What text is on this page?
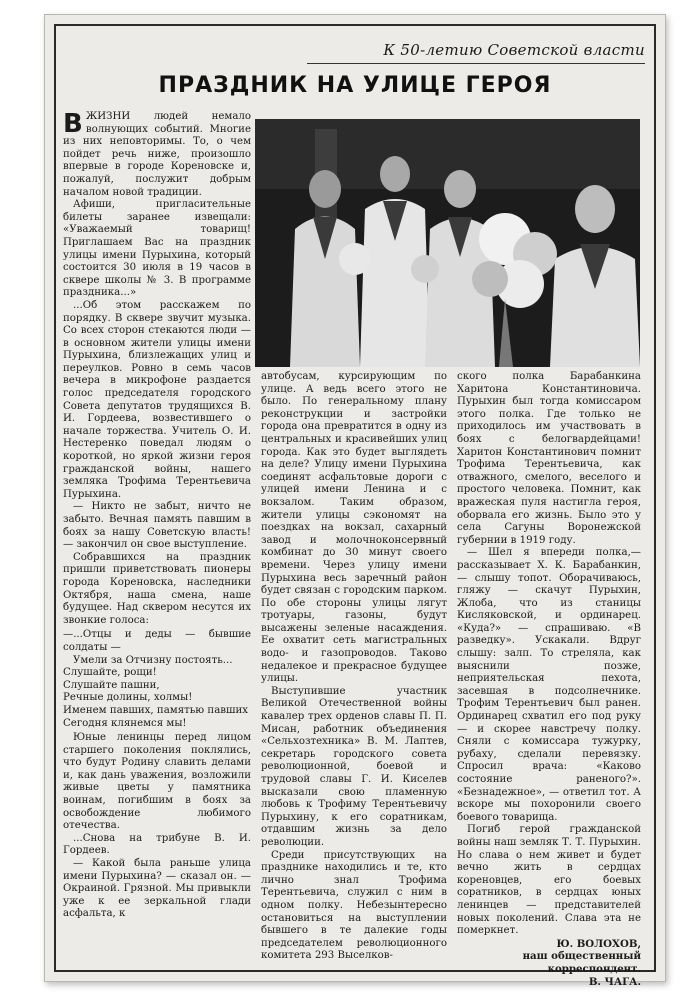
К 50-летию Советской власти
ПРАЗДНИК НА УЛИЦЕ ГЕРОЯ

ВЖИЗНИ людей немало волнующих событий. Многие из них неповторимы. То, о чем пойдет речь ниже, произошло впервые в городе Кореновске и, пожалуй, послужит добрым началом новой традиции.

Афиши, пригласительные билеты заранее извещали: «Уважаемый товарищ! Приглашаем Вас на праздник улицы имени Пурыхина, который состоится 30 июля в 19 часов в сквере школы № 3. В программе праздника...»

...Об этом расскажем по порядку. В сквере звучит музыка. Со всех сторон стекаются люди — в основном жители улицы имени Пурыхина, близлежащих улиц и переулков. Ровно в семь часов вечера в микрофоне раздается голос председателя городского Совета депутатов трудящихся В. И. Гордеева, возвестившего о начале торжества. Учитель О. И. Нестеренко поведал людям о короткой, но яркой жизни героя гражданской войны, нашего земляка Трофима Терентьевича Пурыхина.

— Никто не забыт, ничто не забыто. Вечная память павшим в боях за нашу Советскую власть! — закончил он свое выступление.

Собравшихся на праздник пришли приветствовать пионеры города Кореновска, наследники Октября, наша смена, наше будущее. Над сквером несутся их звонкие голоса:

—...Отцы и деды — бывшие солдаты —

Умели за Отчизну постоять...

Слушайте, рощи!

Слушайте пашни,

Речные долины, холмы!

Именем павших, памятью павших

Сегодня клянемся мы!

Юные ленинцы перед лицом старшего поколения поклялись, что будут Родину славить делами и, как дань уважения, возложили живые цветы у памятника воинам, погибшим в боях за освобождение любимого отечества.

...Снова на трибуне В. И. Гордеев.

— Какой была раньше улица имени Пурыхина? — сказал он. — Окраиной. Грязной. Мы привыкли уже к ее зеркальной глади асфальта, к

автобусам, курсирующим по улице. А ведь всего этого не было. По генеральному плану реконструкции и застройки города она превратится в одну из центральных и красивейших улиц города. Как это будет выглядеть на деле? Улицу имени Пурыхина соединят асфальтовые дороги с улицей имени Ленина и с вокзалом. Таким образом, жители улицы сэкономят на поездках на вокзал, сахарный завод и молочноконсервный комбинат до 30 минут своего времени. Через улицу имени Пурыхина весь заречный район будет связан с городским парком. По обе стороны улицы лягут тротуары, газоны, будут высажены зеленые насаждения. Ее охватит сеть магистральных водо- и газопроводов. Таково недалекое и прекрасное будущее улицы.

Выступившие участник Великой Отечественной войны кавалер трех орденов славы П. П. Мисан, работник объединения «Сельхозтехника» В. М. Лаптев, секретарь городского совета революционной, боевой и трудовой славы Г. И. Киселев высказали свою пламенную любовь к Трофиму Терентьевичу Пурыхину, к его соратникам, отдавшим жизнь за дело революции.

Среди присутствующих на празднике находились и те, кто лично знал Трофима Терентьевича, служил с ним в одном полку. Небезынтересно остановиться на выступлении бывшего в те далекие годы председателем революционного комитета 293 Выселков-

ского полка Барабанкина Харитона Константиновича. Пурыхин был тогда комиссаром этого полка. Где только не приходилось им участвовать в боях с белогвардейцами! Харитон Константинович помнит Трофима Терентьевича, как отважного, смелого, веселого и простого человека. Помнит, как вражеская пуля настигла героя, оборвала его жизнь. Было это у села Сагуны Воронежской губернии в 1919 году.

— Шел я впереди полка,— рассказывает Х. К. Барабанкин, — слышу топот. Оборачиваюсь, гляжу — скачут Пурыхин, Жлоба, что из станицы Кисляковской, и ординарец. «Куда?» — спрашиваю. «В разведку». Ускакали. Вдруг слышу: залп. То стреляла, как выяснили позже, неприятельская пехота, засевшая в подсолнечнике. Трофим Терентьевич был ранен. Ординарец схватил его под руку — и скорее навстречу полку. Сняли с комиссара тужурку, рубаху, сделали перевязку. Спросил врача: «Каково состояние раненого?». «Безнадежное», — ответил тот. А вскоре мы похоронили своего боевого товарища.

Погиб герой гражданской войны наш земляк Т. Т. Пурыхин. Но слава о нем живет и будет вечно жить в сердцах кореновцев, его боевых соратников, в сердцах юных ленинцев — представителей новых поколений. Слава эта не померкнет.

Ю. ВОЛОХОВ,

наш общественный

корреспондент.

В. ЧАГА.
